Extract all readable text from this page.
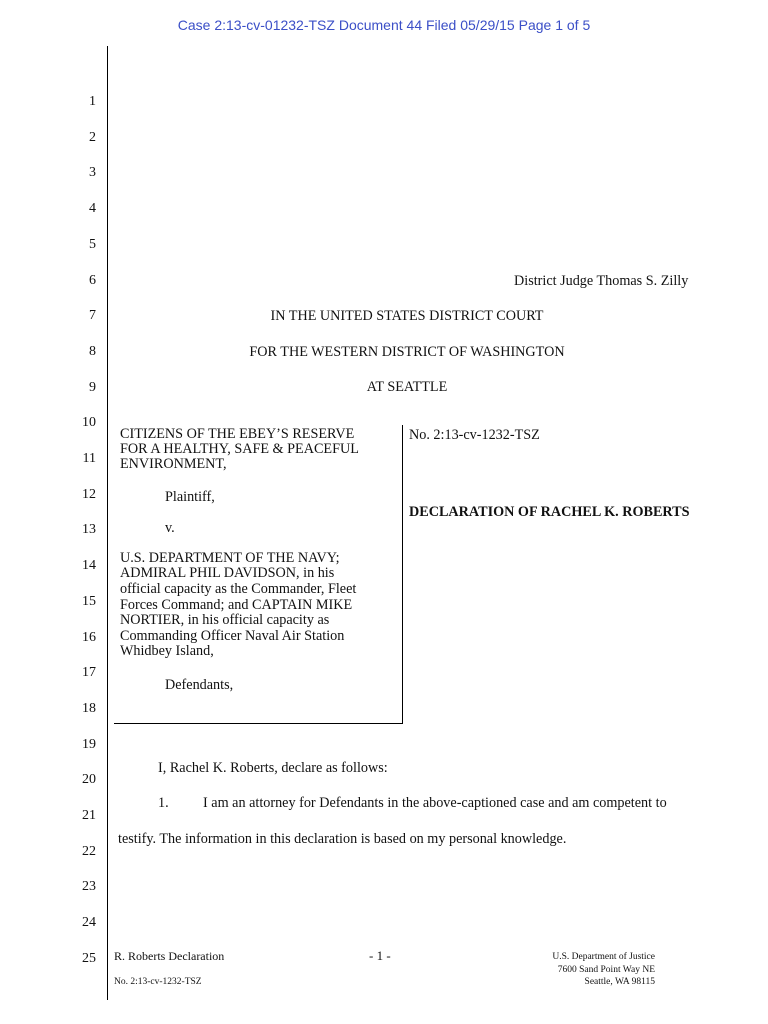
Case 2:13-cv-01232-TSZ Document 44 Filed 05/29/15 Page 1 of 5
1
2
3
4
5
6
7
8
9
10
11
12
13
14
15
16
17
18
19
20
21
22
23
24
25
District Judge Thomas S. Zilly
IN THE UNITED STATES DISTRICT COURT
FOR THE WESTERN DISTRICT OF WASHINGTON
AT SEATTLE
CITIZENS OF THE EBEY’S RESERVE
FOR A HEALTHY, SAFE & PEACEFUL
ENVIRONMENT,
Plaintiff,
v.
U.S. DEPARTMENT OF THE NAVY;
ADMIRAL PHIL DAVIDSON, in his
official capacity as the Commander, Fleet
Forces Command; and CAPTAIN MIKE
NORTIER, in his official capacity as
Commanding Officer Naval Air Station
Whidbey Island,
Defendants,
No. 2:13-cv-1232-TSZ
DECLARATION OF RACHEL K. ROBERTS
I, Rachel K. Roberts, declare as follows:
1. I am an attorney for Defendants in the above-captioned case and am competent to
testify. The information in this declaration is based on my personal knowledge.
R. Roberts Declaration
No. 2:13-cv-1232-TSZ
- 1 -	U.S. Department of Justice
7600 Sand Point Way NE
Seattle, WA 98115
